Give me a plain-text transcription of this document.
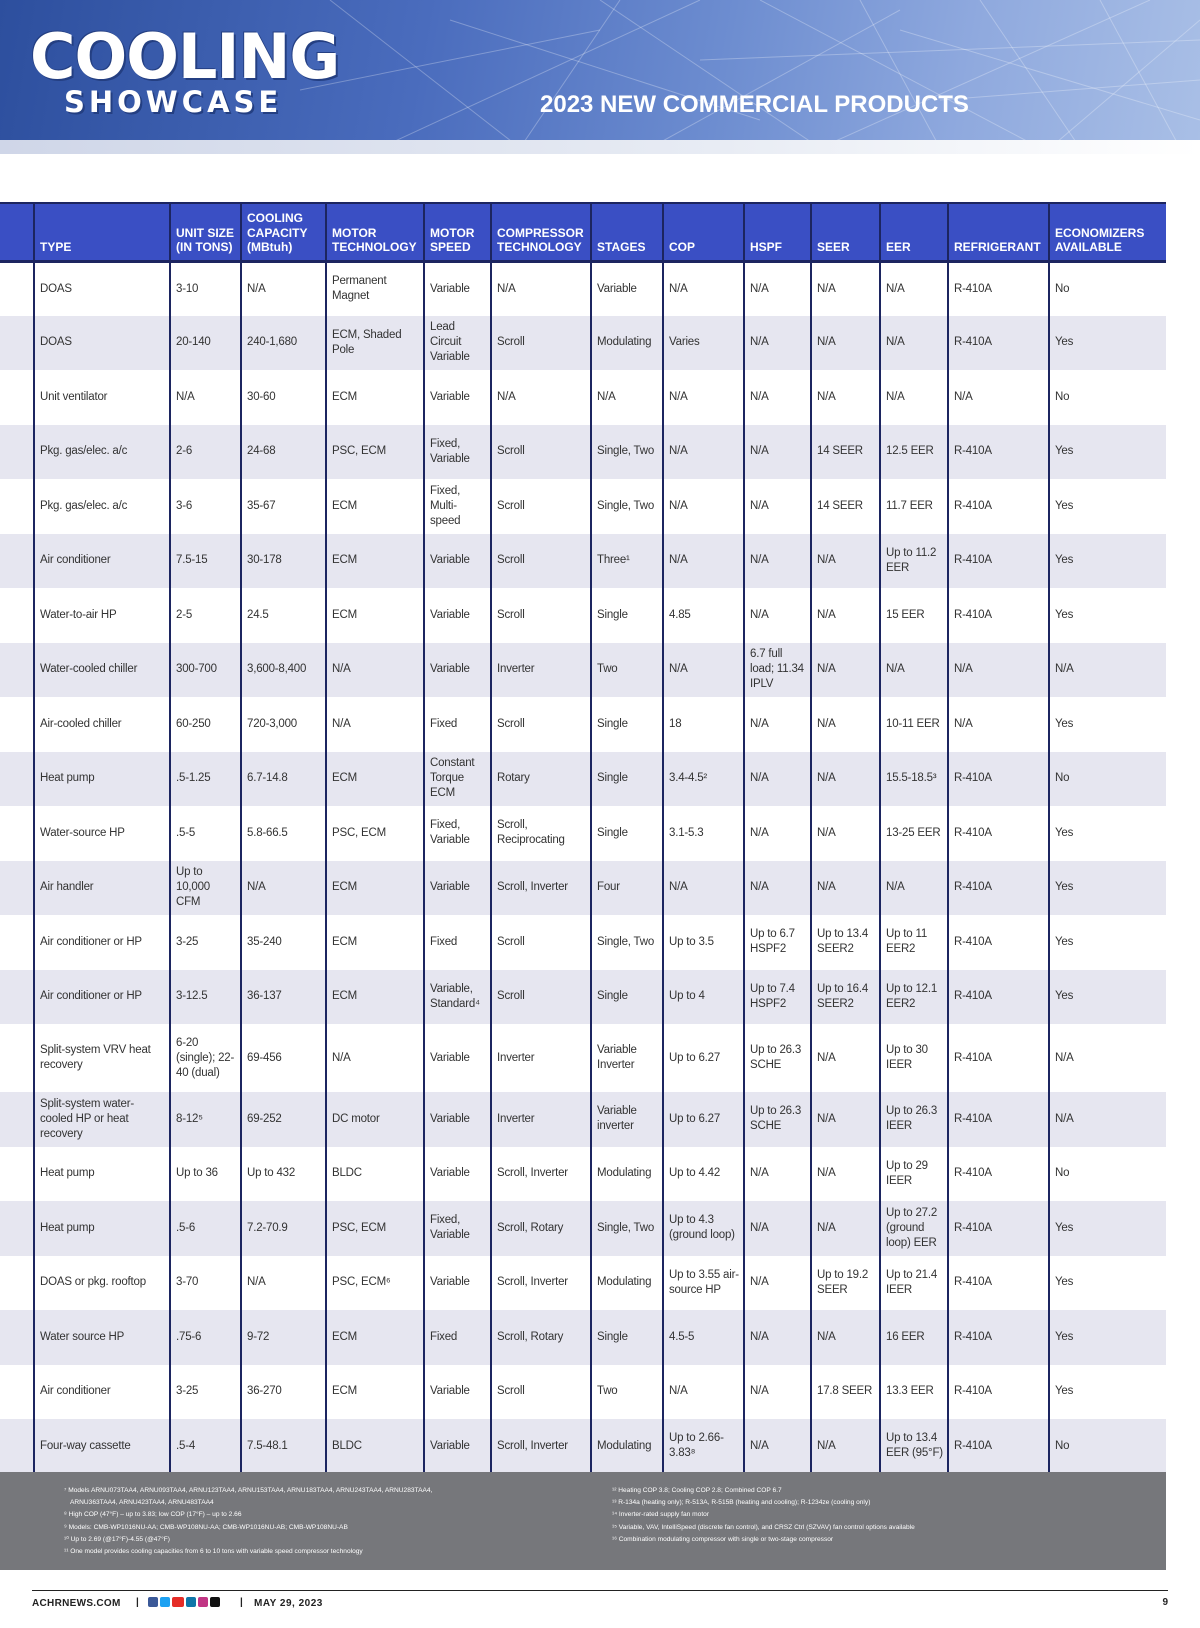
COOLING
SHOWCASE	2023 NEW COMMERCIAL PRODUCTS
	TYPE	UNIT SIZE (IN TONS)	COOLING CAPACITY (MBtuh)	MOTOR TECHNOLOGY	MOTOR SPEED	COMPRESSOR TECHNOLOGY	STAGES	COP	HSPF	SEER	EER	REFRIGERANT	ECONOMIZERS AVAILABLE
	DOAS	3-10	N/A	Permanent Magnet	Variable	N/A	Variable	N/A	N/A	N/A	N/A	R-410A	No
	DOAS	20-140	240-1,680	ECM, Shaded Pole	Lead Circuit Variable	Scroll	Modulating	Varies	N/A	N/A	N/A	R-410A	Yes
	Unit ventilator	N/A	30-60	ECM	Variable	N/A	N/A	N/A	N/A	N/A	N/A	N/A	No
	Pkg. gas/elec. a/c	2-6	24-68	PSC, ECM	Fixed, Variable	Scroll	Single, Two	N/A	N/A	14 SEER	12.5 EER	R-410A	Yes
	Pkg. gas/elec. a/c	3-6	35-67	ECM	Fixed, Multi-speed	Scroll	Single, Two	N/A	N/A	14 SEER	11.7 EER	R-410A	Yes
	Air conditioner	7.5-15	30-178	ECM	Variable	Scroll	Three¹	N/A	N/A	N/A	Up to 11.2 EER	R-410A	Yes
	Water-to-air HP	2-5	24.5	ECM	Variable	Scroll	Single	4.85	N/A	N/A	15 EER	R-410A	Yes
	Water-cooled chiller	300-700	3,600-8,400	N/A	Variable	Inverter	Two	N/A	6.7 full load; 11.34 IPLV	N/A	N/A	N/A	N/A
	Air-cooled chiller	60-250	720-3,000	N/A	Fixed	Scroll	Single	18	N/A	N/A	10-11 EER	N/A	Yes
	Heat pump	.5-1.25	6.7-14.8	ECM	Constant Torque ECM	Rotary	Single	3.4-4.5²	N/A	N/A	15.5-18.5³	R-410A	No
	Water-source HP	.5-5	5.8-66.5	PSC, ECM	Fixed, Variable	Scroll, Reciprocating	Single	3.1-5.3	N/A	N/A	13-25 EER	R-410A	Yes
	Air handler	Up to 10,000 CFM	N/A	ECM	Variable	Scroll, Inverter	Four	N/A	N/A	N/A	N/A	R-410A	Yes
	Air conditioner or HP	3-25	35-240	ECM	Fixed	Scroll	Single, Two	Up to 3.5	Up to 6.7 HSPF2	Up to 13.4 SEER2	Up to 11 EER2	R-410A	Yes
	Air conditioner or HP	3-12.5	36-137	ECM	Variable, Standard⁴	Scroll	Single	Up to 4	Up to 7.4 HSPF2	Up to 16.4 SEER2	Up to 12.1 EER2	R-410A	Yes
	Split-system VRV heat recovery	6-20 (single); 22-40 (dual)	69-456	N/A	Variable	Inverter	Variable Inverter	Up to 6.27	Up to 26.3 SCHE	N/A	Up to 30 IEER	R-410A	N/A
	Split-system water-cooled HP or heat recovery	8-12⁵	69-252	DC motor	Variable	Inverter	Variable inverter	Up to 6.27	Up to 26.3 SCHE	N/A	Up to 26.3 IEER	R-410A	N/A
	Heat pump	Up to 36	Up to 432	BLDC	Variable	Scroll, Inverter	Modulating	Up to 4.42	N/A	N/A	Up to 29 IEER	R-410A	No
	Heat pump	.5-6	7.2-70.9	PSC, ECM	Fixed, Variable	Scroll, Rotary	Single, Two	Up to 4.3 (ground loop)	N/A	N/A	Up to 27.2 (ground loop) EER	R-410A	Yes
	DOAS or pkg. rooftop	3-70	N/A	PSC, ECM⁶	Variable	Scroll, Inverter	Modulating	Up to 3.55 air-source HP	N/A	Up to 19.2 SEER	Up to 21.4 IEER	R-410A	Yes
	Water source HP	.75-6	9-72	ECM	Fixed	Scroll, Rotary	Single	4.5-5	N/A	N/A	16 EER	R-410A	Yes
	Air conditioner	3-25	36-270	ECM	Variable	Scroll	Two	N/A	N/A	17.8 SEER	13.3 EER	R-410A	Yes
	Four-way cassette	.5-4	7.5-48.1	BLDC	Variable	Scroll, Inverter	Modulating	Up to 2.66-3.83⁸	N/A	N/A	Up to 13.4 EER (95°F)	R-410A	No
⁷ Models ARNU073TAA4, ARNU093TAA4, ARNU123TAA4, ARNU153TAA4, ARNU183TAA4, ARNU243TAA4, ARNU283TAA4,
ARNU363TAA4, ARNU423TAA4, ARNU483TAA4
⁸ High COP (47°F) – up to 3.83; low COP (17°F) – up to 2.66
⁹ Models: CMB-WP1016NU-AA; CMB-WP108NU-AA; CMB-WP1016NU-AB; CMB-WP108NU-AB
¹⁰ Up to 2.69 (@17°F)-4.55 (@47°F)
¹¹ One model provides cooling capacities from 6 to 10 tons with variable speed compressor technology
¹² Heating COP 3.8; Cooling COP 2.8; Combined COP 6.7
¹³ R-134a (heating only); R-513A, R-515B (heating and cooling); R-1234ze (cooling only)
¹⁴ Inverter-rated supply fan motor
¹⁵ Variable, VAV, IntelliSpeed (discrete fan control), and CRSZ Ctrl (SZVAV) fan control options available
¹⁶ Combination modulating compressor with single or two-stage compressor
ACHRNEWS.COM |	| MAY 29, 2023	9
